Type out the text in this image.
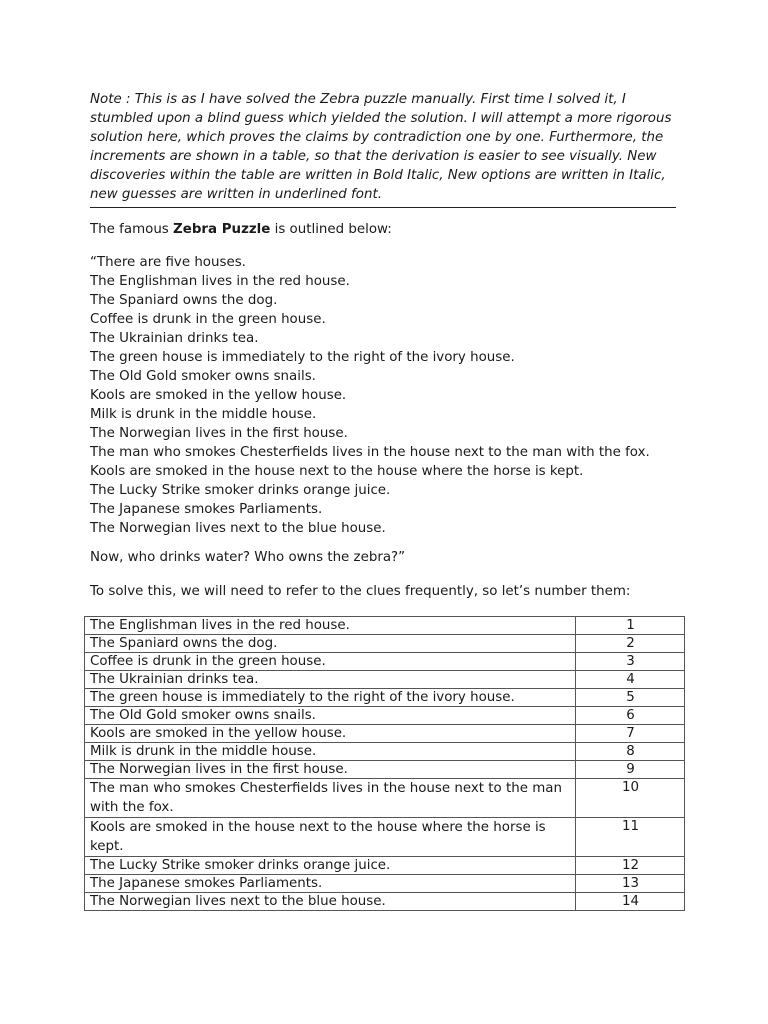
Note : This is as I have solved the Zebra puzzle manually. First time I solved it, I stumbled upon a blind guess which yielded the solution. I will attempt a more rigorous solution here, which proves the claims by contradiction one by one. Furthermore, the increments are shown in a table, so that the derivation is easier to see visually. New discoveries within the table are written in Bold Italic, New options are written in Italic, new guesses are written in underlined font.

The famous Zebra Puzzle is outlined below:

“There are five houses.
The Englishman lives in the red house.
The Spaniard owns the dog.
Coffee is drunk in the green house.
The Ukrainian drinks tea.
The green house is immediately to the right of the ivory house.
The Old Gold smoker owns snails.
Kools are smoked in the yellow house.
Milk is drunk in the middle house.
The Norwegian lives in the first house.
The man who smokes Chesterfields lives in the house next to the man with the fox.
Kools are smoked in the house next to the house where the horse is kept.
The Lucky Strike smoker drinks orange juice.
The Japanese smokes Parliaments.
The Norwegian lives next to the blue house.

Now, who drinks water? Who owns the zebra?”

To solve this, we will need to refer to the clues frequently, so let’s number them:

The Englishman lives in the red house.	1
The Spaniard owns the dog.	2
Coffee is drunk in the green house.	3
The Ukrainian drinks tea.	4
The green house is immediately to the right of the ivory house.	5
The Old Gold smoker owns snails.	6
Kools are smoked in the yellow house.	7
Milk is drunk in the middle house.	8
The Norwegian lives in the first house.	9
The man who smokes Chesterfields lives in the house next to the man with the fox.	10
Kools are smoked in the house next to the house where the horse is kept.	11
The Lucky Strike smoker drinks orange juice.	12
The Japanese smokes Parliaments.	13
The Norwegian lives next to the blue house.	14
